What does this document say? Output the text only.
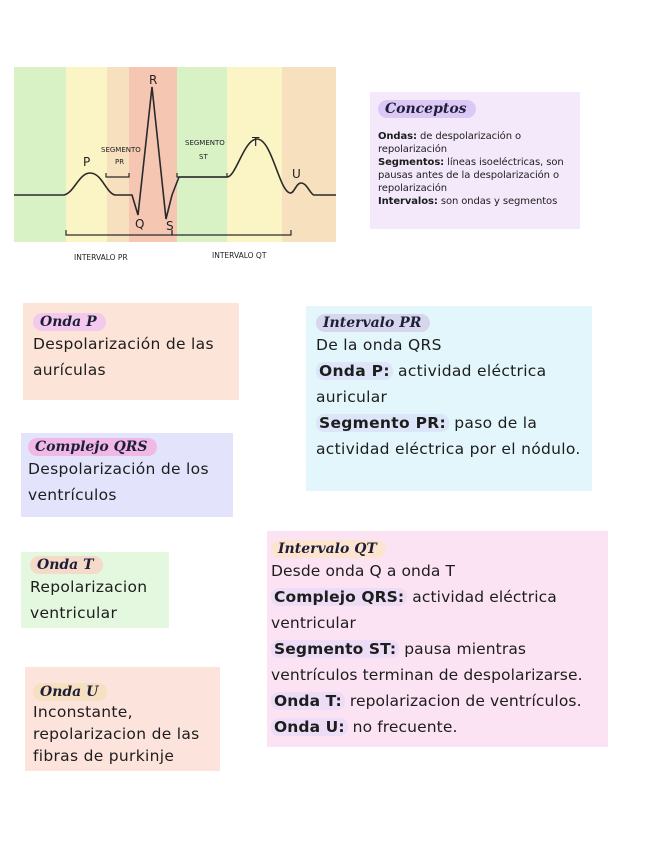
P
R
Q S
T
U
SEGMENTO
PR
SEGMENTO
ST
INTERVALO PR	INTERVALO QT
Conceptos
Ondas: de despolarización o repolarización
Segmentos: líneas isoeléctricas, son pausas antes de la despolarización o repolarización
Intervalos: son ondas y segmentos
Onda P
Despolarización de las aurículas
Complejo QRS
Despolarización de los ventrículos
Onda T
Repolarizacion ventricular
Onda U
Inconstante, repolarizacion de las fibras de purkinje
Intervalo PR
De la onda QRS
Onda P: actividad eléctrica auricular
Segmento PR: paso de la actividad eléctrica por el nódulo.
Intervalo QT
Desde onda Q a onda T
Complejo QRS: actividad eléctrica ventricular
Segmento ST: pausa mientras ventrículos terminan de despolarizarse.
Onda T: repolarizacion de ventrículos.
Onda U: no frecuente.
